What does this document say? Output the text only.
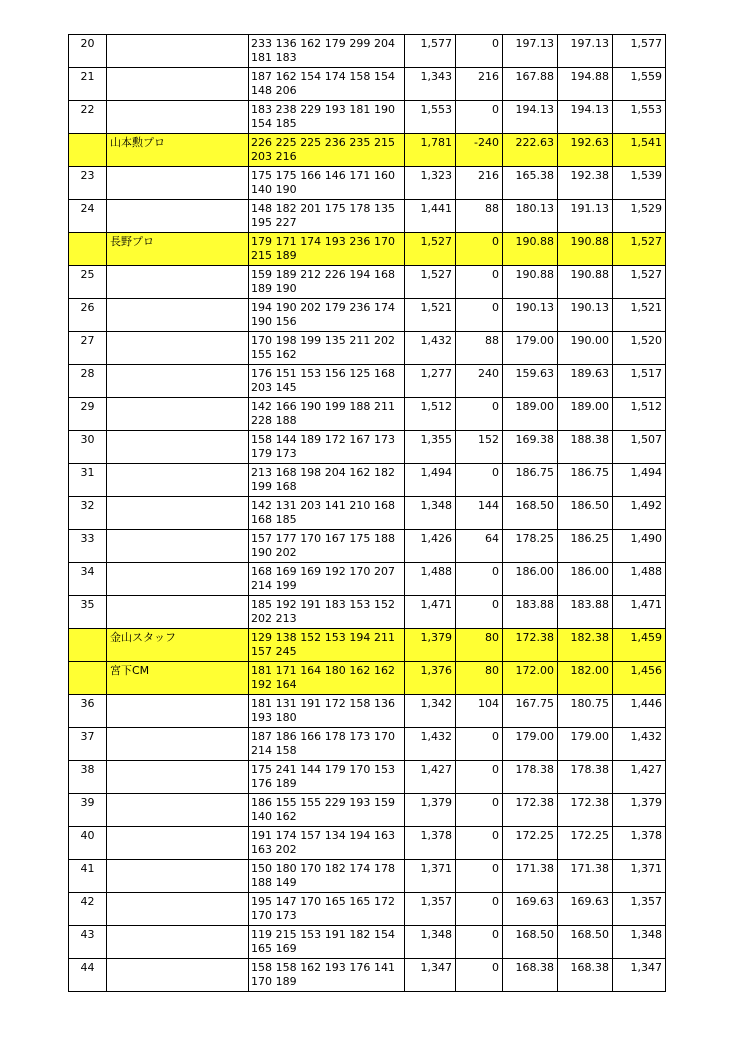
20		233 136 162 179 299 204
181 183	1,577	0	197.13	197.13	1,577
21		187 162 154 174 158 154
148 206	1,343	216	167.88	194.88	1,559
22		183 238 229 193 181 190
154 185	1,553	0	194.13	194.13	1,553
	山本勲プロ	226 225 225 236 235 215
203 216	1,781	-240	222.63	192.63	1,541
23		175 175 166 146 171 160
140 190	1,323	216	165.38	192.38	1,539
24		148 182 201 175 178 135
195 227	1,441	88	180.13	191.13	1,529
	長野プロ	179 171 174 193 236 170
215 189	1,527	0	190.88	190.88	1,527
25		159 189 212 226 194 168
189 190	1,527	0	190.88	190.88	1,527
26		194 190 202 179 236 174
190 156	1,521	0	190.13	190.13	1,521
27		170 198 199 135 211 202
155 162	1,432	88	179.00	190.00	1,520
28		176 151 153 156 125 168
203 145	1,277	240	159.63	189.63	1,517
29		142 166 190 199 188 211
228 188	1,512	0	189.00	189.00	1,512
30		158 144 189 172 167 173
179 173	1,355	152	169.38	188.38	1,507
31		213 168 198 204 162 182
199 168	1,494	0	186.75	186.75	1,494
32		142 131 203 141 210 168
168 185	1,348	144	168.50	186.50	1,492
33		157 177 170 167 175 188
190 202	1,426	64	178.25	186.25	1,490
34		168 169 169 192 170 207
214 199	1,488	0	186.00	186.00	1,488
35		185 192 191 183 153 152
202 213	1,471	0	183.88	183.88	1,471
	金山スタッフ	129 138 152 153 194 211
157 245	1,379	80	172.38	182.38	1,459
	宮下CM	181 171 164 180 162 162
192 164	1,376	80	172.00	182.00	1,456
36		181 131 191 172 158 136
193 180	1,342	104	167.75	180.75	1,446
37		187 186 166 178 173 170
214 158	1,432	0	179.00	179.00	1,432
38		175 241 144 179 170 153
176 189	1,427	0	178.38	178.38	1,427
39		186 155 155 229 193 159
140 162	1,379	0	172.38	172.38	1,379
40		191 174 157 134 194 163
163 202	1,378	0	172.25	172.25	1,378
41		150 180 170 182 174 178
188 149	1,371	0	171.38	171.38	1,371
42		195 147 170 165 165 172
170 173	1,357	0	169.63	169.63	1,357
43		119 215 153 191 182 154
165 169	1,348	0	168.50	168.50	1,348
44		158 158 162 193 176 141
170 189	1,347	0	168.38	168.38	1,347
